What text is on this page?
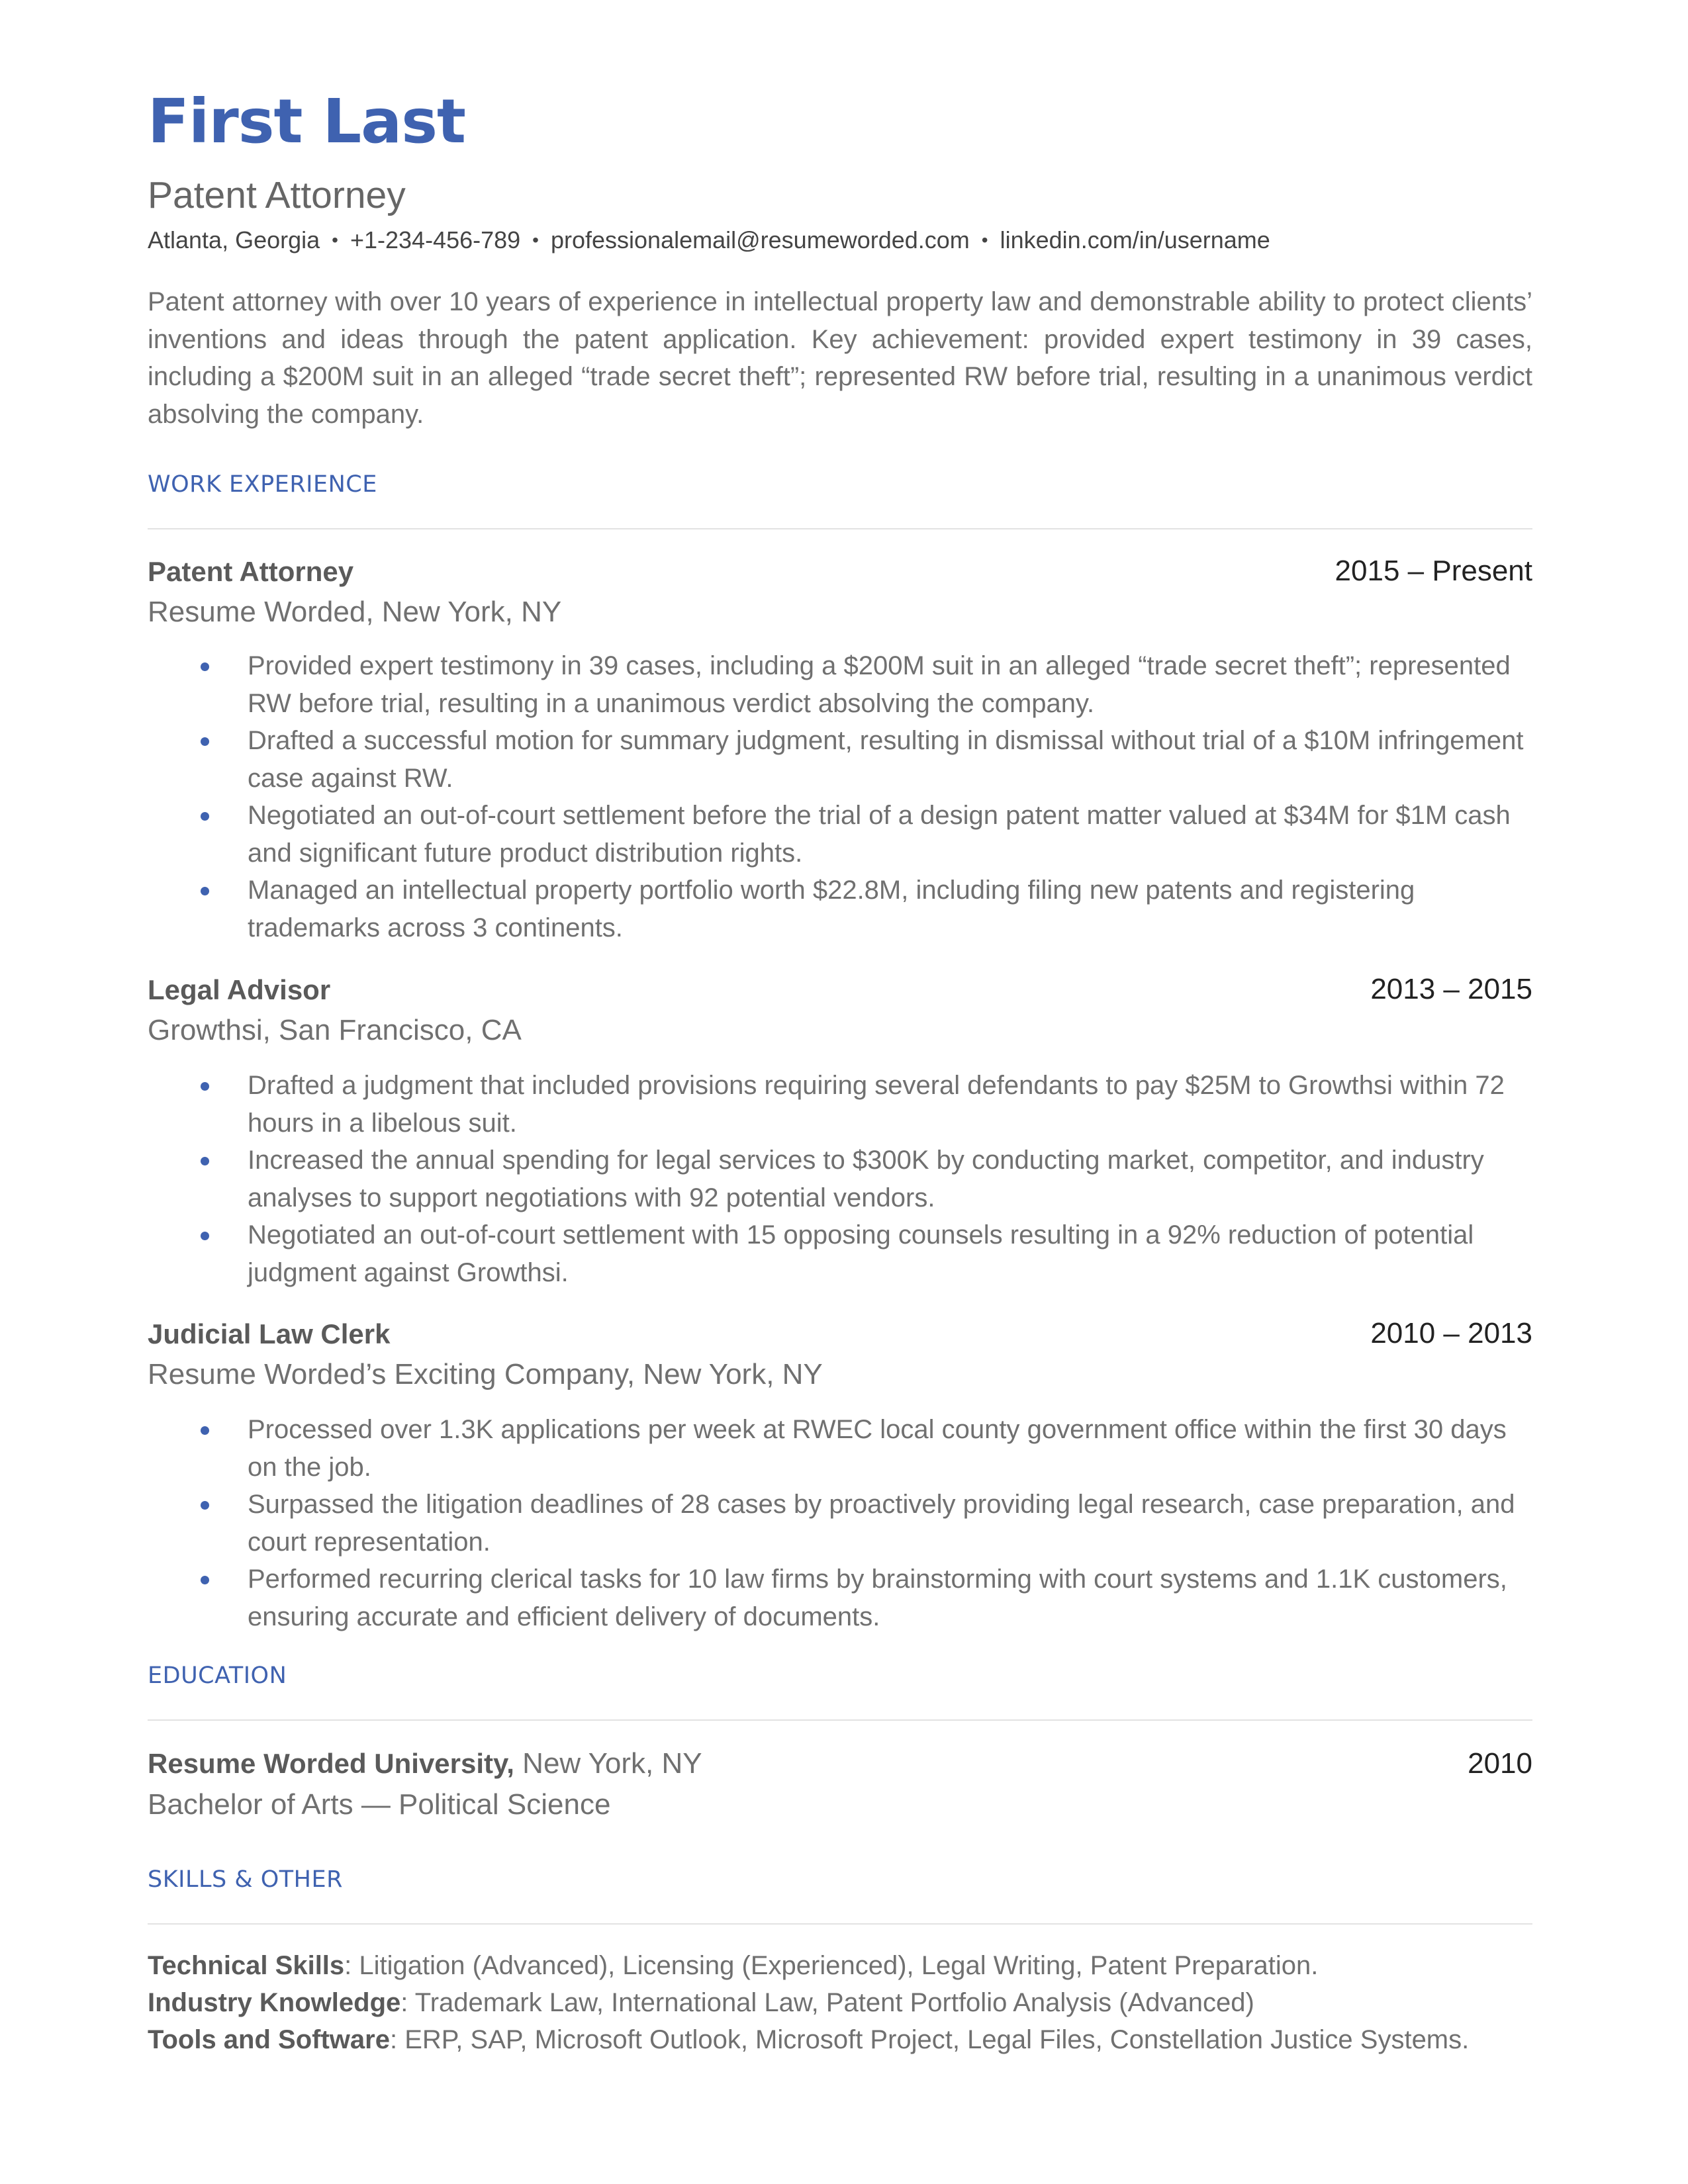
First Last
Patent Attorney
Atlanta, Georgia • +1-234-456-789 • professionalemail@resumeworded.com • linkedin.com/in/username
Patent attorney with over 10 years of experience in intellectual property law and demonstrable ability to protect clients’ inventions and ideas through the patent application. Key achievement: provided expert testimony in 39 cases, including a $200M suit in an alleged “trade secret theft”; represented RW before trial, resulting in a unanimous verdict absolving the company.
WORK EXPERIENCE
Patent Attorney	2015 – Present
Resume Worded, New York, NY
Provided expert testimony in 39 cases, including a $200M suit in an alleged “trade secret theft”; represented RW before trial, resulting in a unanimous verdict absolving the company.
Drafted a successful motion for summary judgment, resulting in dismissal without trial of a $10M infringement case against RW.
Negotiated an out-of-court settlement before the trial of a design patent matter valued at $34M for $1M cash and significant future product distribution rights.
Managed an intellectual property portfolio worth $22.8M, including filing new patents and registering trademarks across 3 continents.
Legal Advisor	2013 – 2015
Growthsi, San Francisco, CA
Drafted a judgment that included provisions requiring several defendants to pay $25M to Growthsi within 72 hours in a libelous suit.
Increased the annual spending for legal services to $300K by conducting market, competitor, and industry analyses to support negotiations with 92 potential vendors.
Negotiated an out-of-court settlement with 15 opposing counsels resulting in a 92% reduction of potential judgment against Growthsi.
Judicial Law Clerk	2010 – 2013
Resume Worded’s Exciting Company, New York, NY
Processed over 1.3K applications per week at RWEC local county government office within the first 30 days on the job.
Surpassed the litigation deadlines of 28 cases by proactively providing legal research, case preparation, and court representation.
Performed recurring clerical tasks for 10 law firms by brainstorming with court systems and 1.1K customers, ensuring accurate and efficient delivery of documents.
EDUCATION
Resume Worded University, New York, NY	2010
Bachelor of Arts — Political Science
SKILLS & OTHER
Technical Skills: Litigation (Advanced), Licensing (Experienced), Legal Writing, Patent Preparation.
Industry Knowledge: Trademark Law, International Law, Patent Portfolio Analysis (Advanced)
Tools and Software: ERP, SAP, Microsoft Outlook, Microsoft Project, Legal Files, Constellation Justice Systems.
